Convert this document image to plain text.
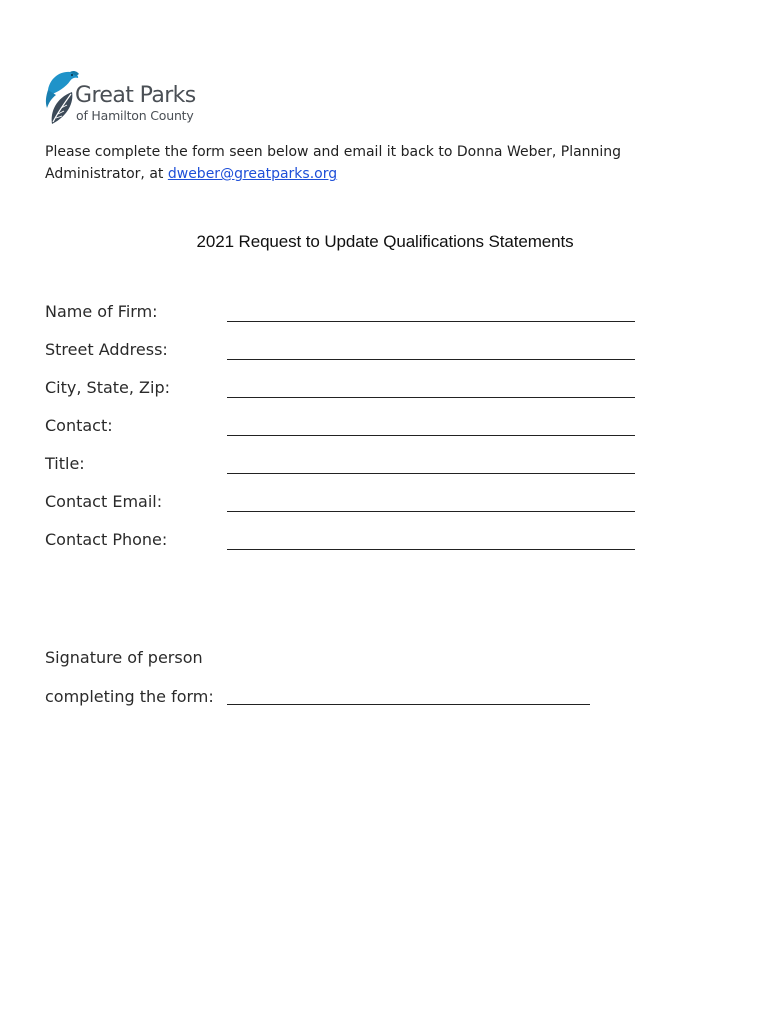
Great Parks
of Hamilton County
Please complete the form seen below and email it back to Donna Weber, Planning Administrator, at dweber@greatparks.org
2021 Request to Update Qualifications Statements
Name of Firm:
Street Address:
City, State, Zip:
Contact:
Title:
Contact Email:
Contact Phone:
Signature of person
completing the form:
